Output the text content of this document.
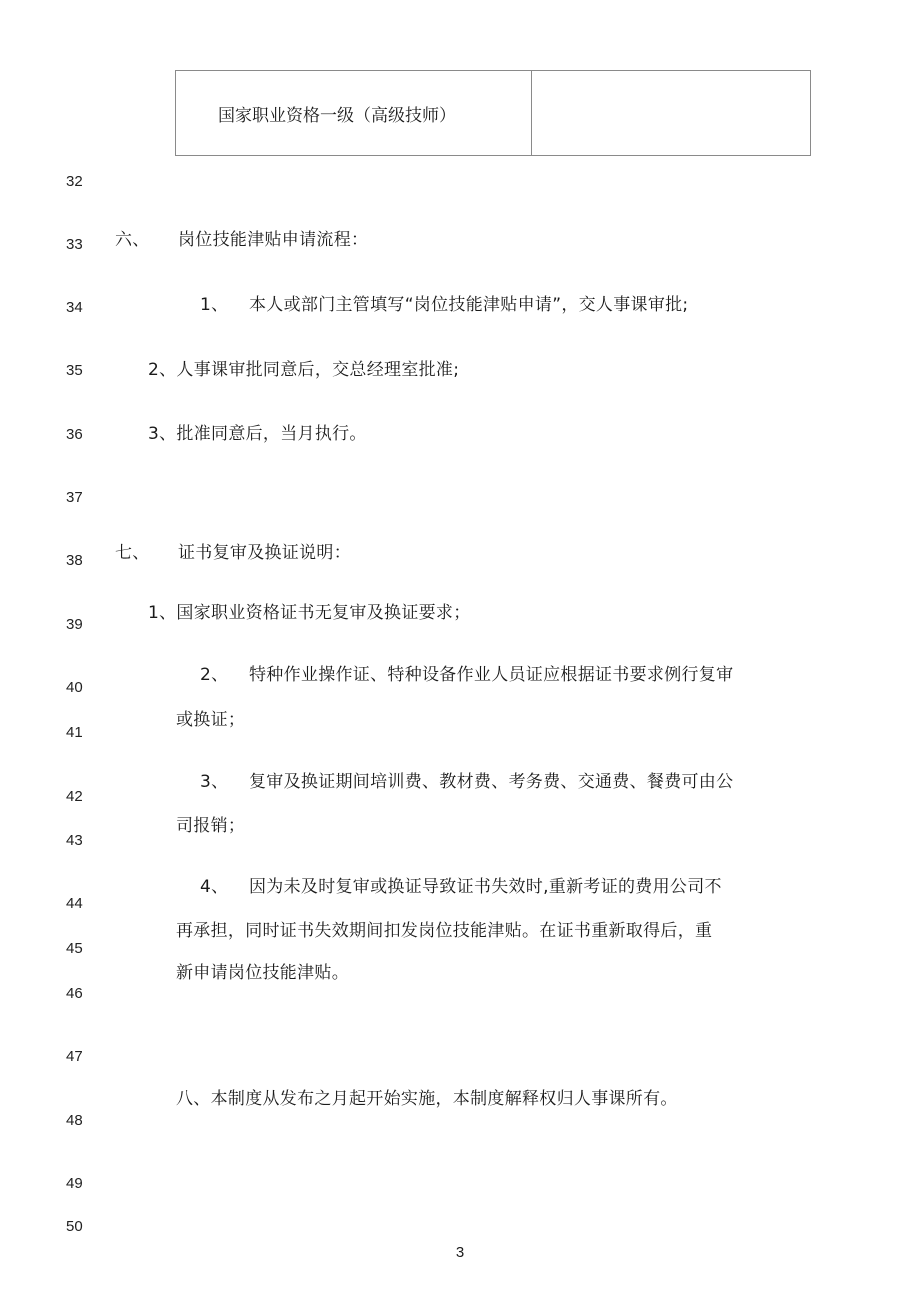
国家职业资格一级（高级技师）	
32
33
34
35
36
37
38
39
40
41
42
43
44
45
46
47
48
49
50
六、 岗位技能津贴申请流程：
1、 本人或部门主管填写“岗位技能津贴申请”，交人事课审批;
2、人事课审批同意后，交总经理室批准;
3、批准同意后，当月执行。
七、 证书复审及换证说明：
1、国家职业资格证书无复审及换证要求；
2、 特种作业操作证、特种设备作业人员证应根据证书要求例行复审
或换证；
3、 复审及换证期间培训费、教材费、考务费、交通费、餐费可由公
司报销；
4、 因为未及时复审或换证导致证书失效时,重新考证的费用公司不
再承担，同时证书失效期间扣发岗位技能津贴。在证书重新取得后，重
新申请岗位技能津贴。
八、本制度从发布之月起开始实施，本制度解释权归人事课所有。
3
